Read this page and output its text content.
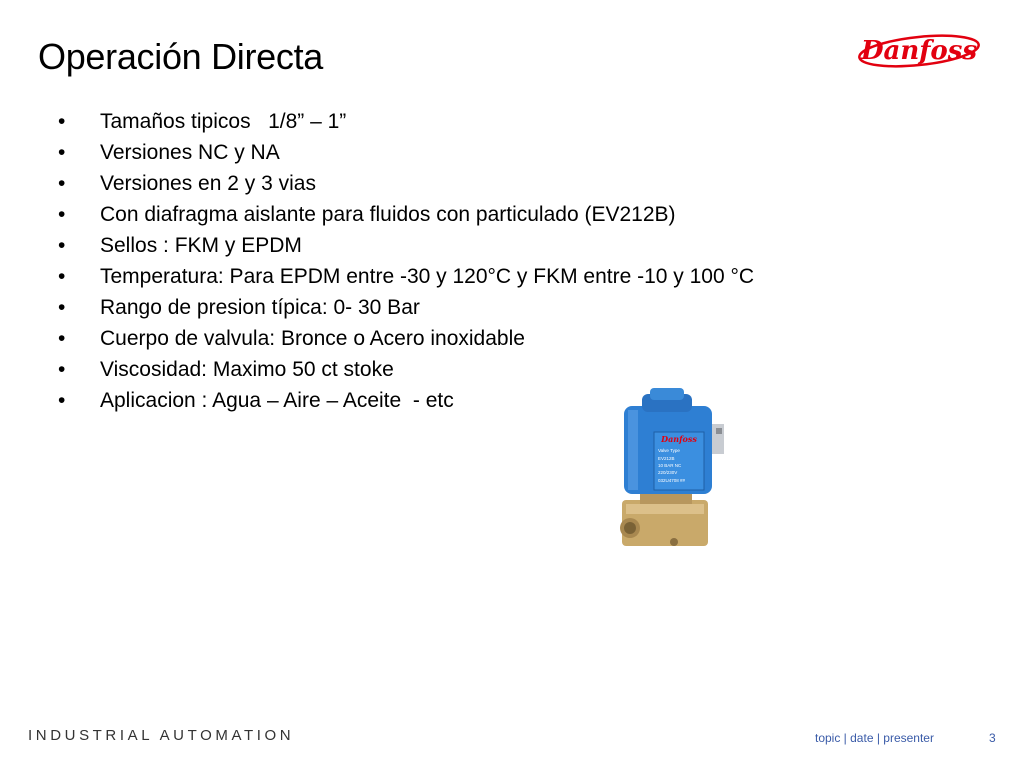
Operación Directa	Danfoss
• Tamaños tipicos   1/8” – 1”
• Versiones NC y NA
• Versiones en 2 y 3 vias
• Con diafragma aislante para fluidos con particulado (EV212B)
• Sellos : FKM y EPDM
• Temperatura: Para EPDM entre -30 y 120°C y FKM entre -10 y 100 °C
• Rango de presion típica: 0- 30 Bar
• Cuerpo de valvula: Bronce o Acero inoxidable
• Viscosidad: Maximo 50 ct stoke
• Aplicacion : Agua – Aire – Aceite  - etc
Danfoss
Valve Type
EV212B
10 BAR NC
220/230V
032U4708 ##
INDUSTRIAL AUTOMATION	topic | date | presenter	3
